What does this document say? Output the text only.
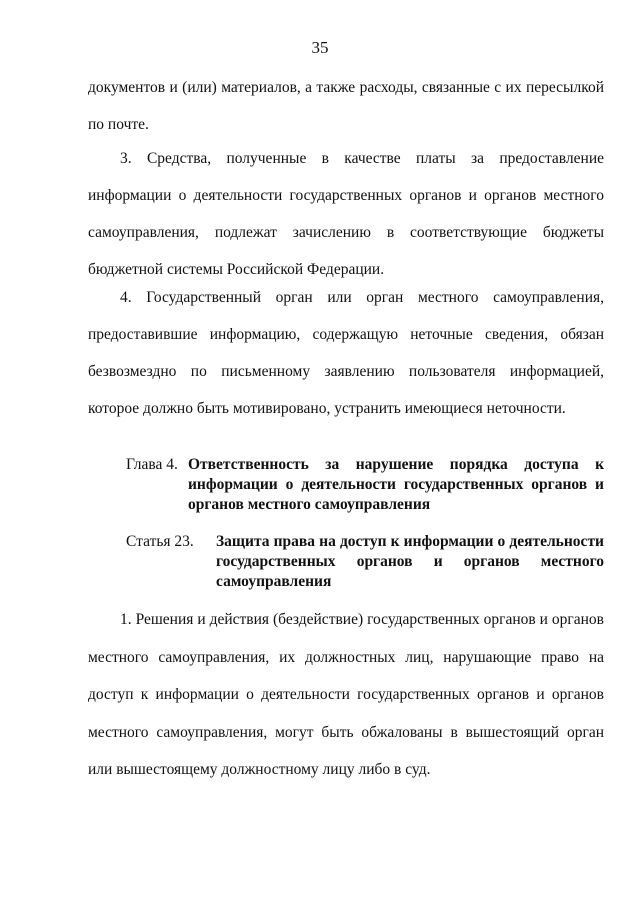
35

документов и (или) материалов, а также расходы, связанные с их пересылкой по почте.

3. Средства, полученные в качестве платы за предоставление информации о деятельности государственных органов и органов местного самоуправления, подлежат зачислению в соответствующие бюджеты бюджетной системы Российской Федерации.

4. Государственный орган или орган местного самоуправления, предоставившие информацию, содержащую неточные сведения, обязан безвозмездно по письменному заявлению пользователя информацией, которое должно быть мотивировано, устранить имеющиеся неточности.

Глава 4. Ответственность за нарушение порядка доступа к информации о деятельности государственных органов и органов местного самоуправления
Статья 23.	Защита права на доступ к информации о деятельности государственных органов и органов местного самоуправления

1. Решения и действия (бездействие) государственных органов и органов местного самоуправления, их должностных лиц, нарушающие право на доступ к информации о деятельности государственных органов и органов местного самоуправления, могут быть обжалованы в вышестоящий орган или вышестоящему должностному лицу либо в суд.
